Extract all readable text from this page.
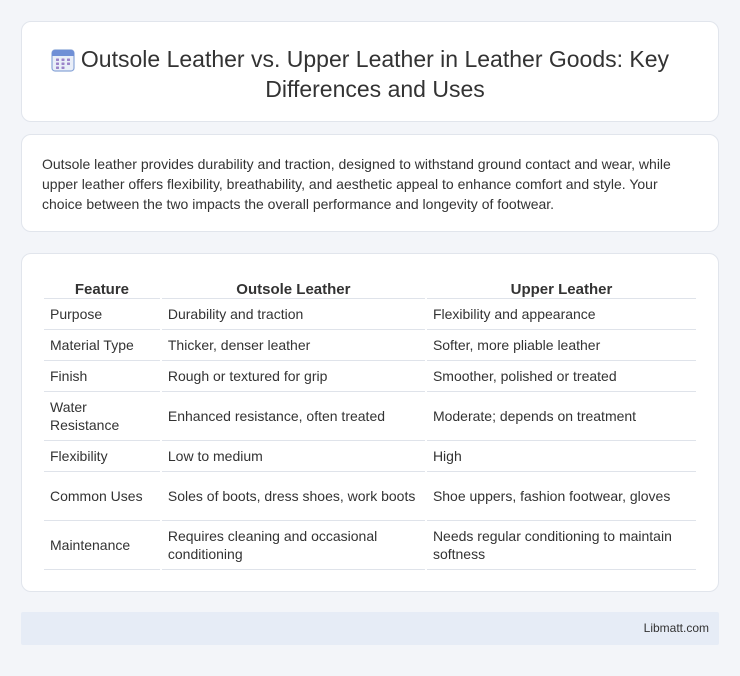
Outsole Leather vs. Upper Leather in Leather Goods: Key Differences and Uses

Outsole leather provides durability and traction, designed to withstand ground contact and wear, while upper leather offers flexibility, breathability, and aesthetic appeal to enhance comfort and style. Your choice between the two impacts the overall performance and longevity of footwear.

Feature	Outsole Leather	Upper Leather
Purpose	Durability and traction	Flexibility and appearance
Material Type	Thicker, denser leather	Softer, more pliable leather
Finish	Rough or textured for grip	Smoother, polished or treated
Water Resistance	Enhanced resistance, often treated	Moderate; depends on treatment
Flexibility	Low to medium	High
Common Uses	Soles of boots, dress shoes, work boots	Shoe uppers, fashion footwear, gloves
Maintenance	Requires cleaning and occasional conditioning	Needs regular conditioning to maintain softness
Libmatt.com
